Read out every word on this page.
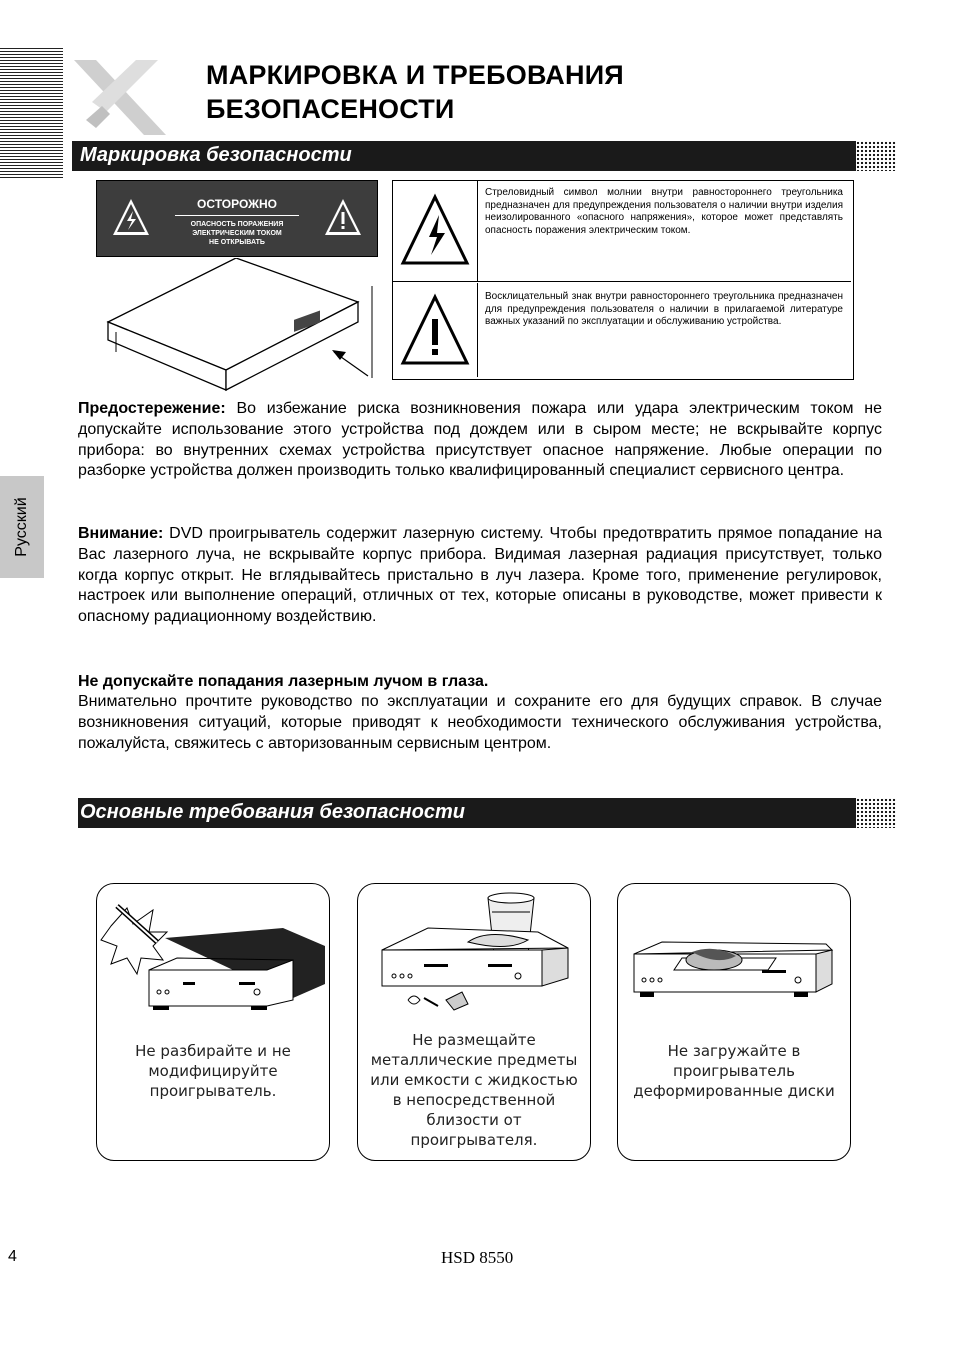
Русский
МАРКИРОВКА И ТРЕБОВАНИЯ
БЕЗОПАСЕНОСТИ
Маркировка безопасности
ОСТОРОЖНО
ОПАСНОСТЬ ПОРАЖЕНИЯ
ЭЛЕКТРИЧЕСКИМ ТОКОМ
НЕ ОТКРЫВАТЬ
Стреловидный символ молнии внутри равностороннего треугольника предназначен для предупреждения пользователя о наличии внутри изделия неизолированного «опасного напряжения», которое может представлять опасность поражения электрическим током.
Восклицательный знак внутри равностороннего треугольника предназначен для предупреждения пользователя о наличии в прилагаемой литературе важных указаний по эксплуатации и обслуживанию устройства.
Предостережение: Во избежание риска возникновения пожара или удара электрическим током не допускайте использование этого устройства под дождем или в сыром месте; не вскрывайте корпус прибора: во внутренних схемах устройства присутствует опасное напряжение. Любые операции по разборке устройства должен производить только квалифицированный специалист сервисного центра.
Внимание: DVD проигрыватель содержит лазерную систему. Чтобы предотвратить прямое попадание на Вас лазерного луча, не вскрывайте корпус прибора. Видимая лазерная радиация присутствует, только когда корпус открыт. Не вглядывайтесь пристально в луч лазера. Кроме того, применение регулировок, настроек или выполнение операций, отличных от тех, которые описаны в руководстве, может привести к опасному радиационному воздействию.
Не допускайте попадания лазерным лучом в глаза.
Внимательно прочтите руководство по эксплуатации и сохраните его для будущих справок. В случае возникновения ситуаций, которые приводят к необходимости технического обслуживания устройства, пожалуйста, свяжитесь с авторизованным сервисным центром.
Основные требования безопасности
Не разбирайте и не модифицируйте проигрыватель.
Не размещайте металлические предметы или емкости с жидкостью в непосредственной близости от проигрывателя.
Не загружайте в проигрыватель деформированные диски
4	HSD 8550
